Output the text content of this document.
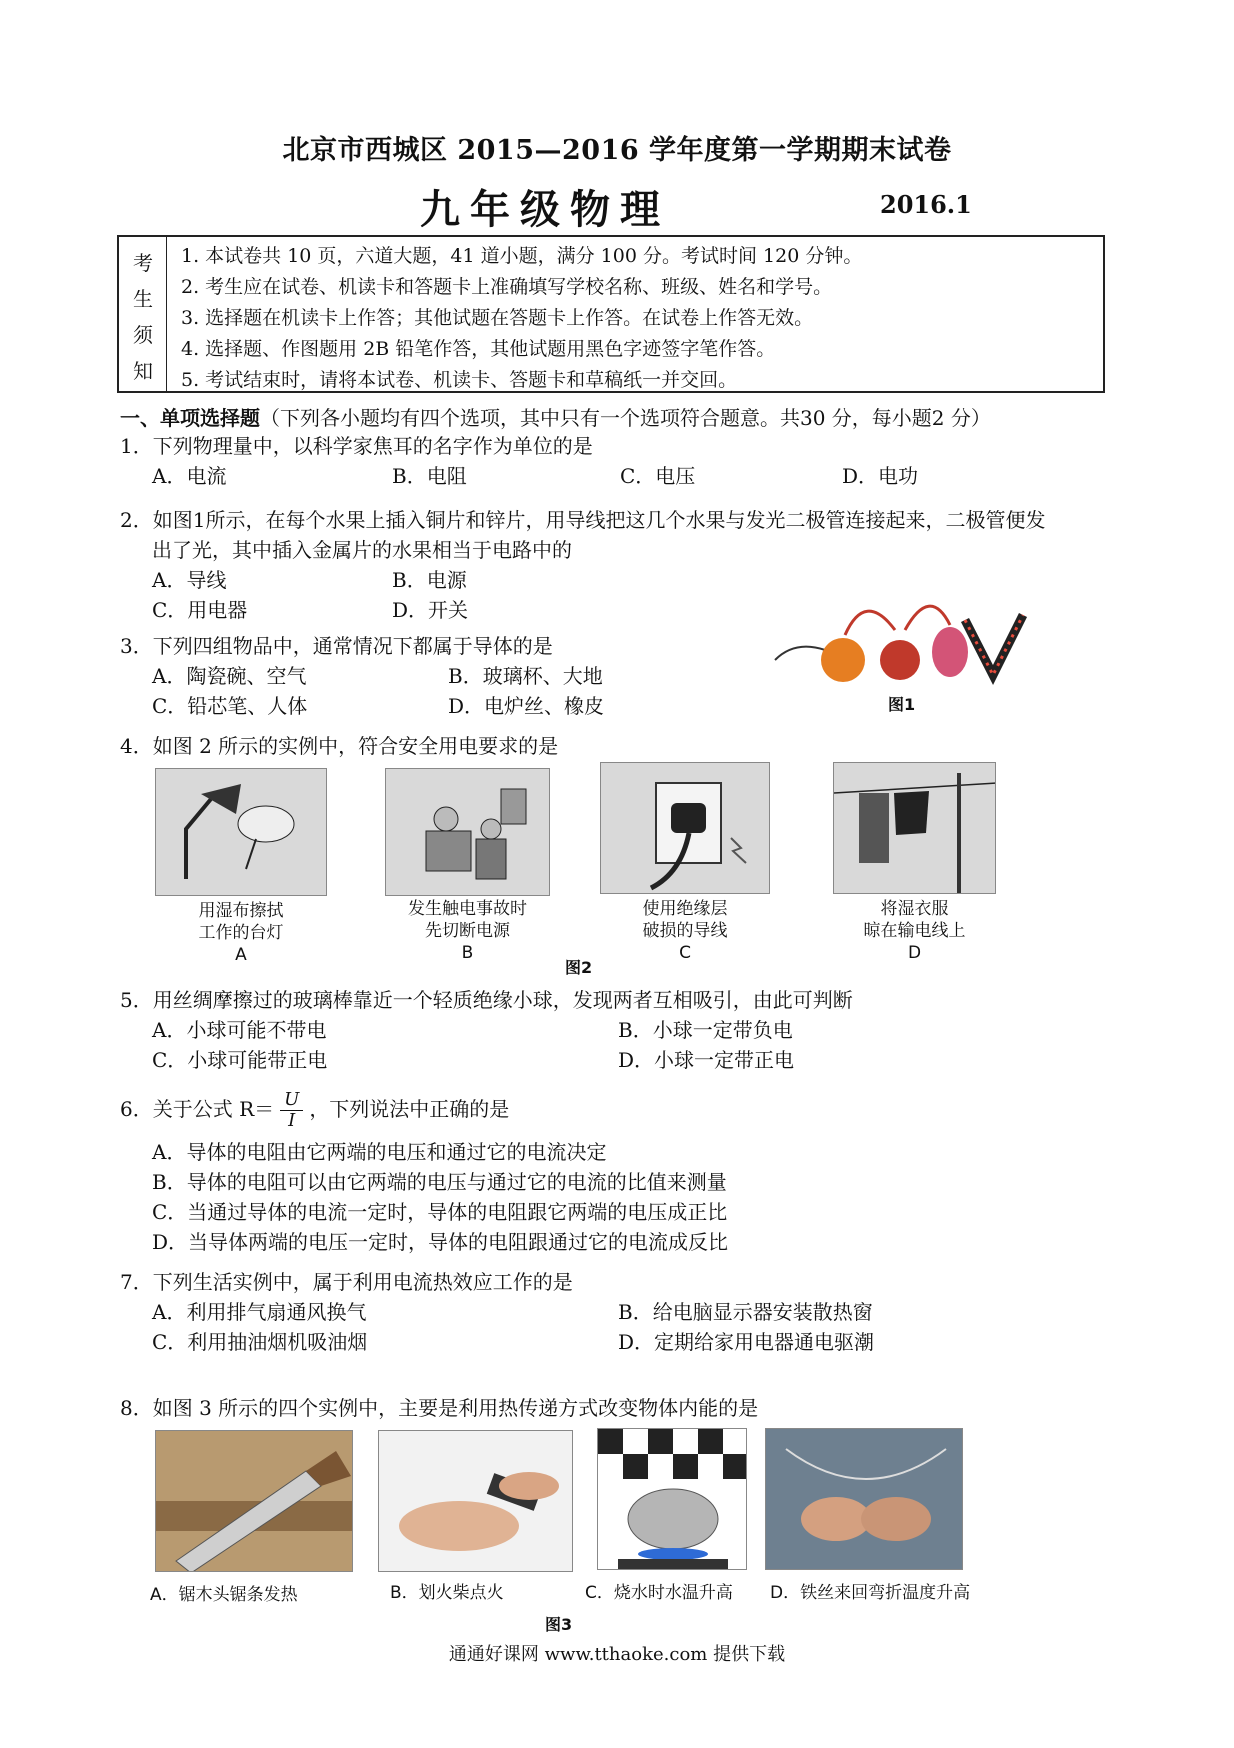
北京市西城区 2015—2016 学年度第一学期期末试卷
九年级物理	2016.1
考
生
须
知
1. 本试卷共 10 页，六道大题，41 道小题，满分 100 分。考试时间 120 分钟。
2. 考生应在试卷、机读卡和答题卡上准确填写学校名称、班级、姓名和学号。
3. 选择题在机读卡上作答；其他试题在答题卡上作答。在试卷上作答无效。
4. 选择题、作图题用 2B 铅笔作答，其他试题用黑色字迹签字笔作答。
5. 考试结束时，请将本试卷、机读卡、答题卡和草稿纸一并交回。
一、单项选择题（下列各小题均有四个选项，其中只有一个选项符合题意。共30 分，每小题2 分）
1．下列物理量中，以科学家焦耳的名字作为单位的是
A．电流	B．电阻	C．电压	D．电功
2．如图1所示，在每个水果上插入铜片和锌片，用导线把这几个水果与发光二极管连接起来，二极管便发
出了光，其中插入金属片的水果相当于电路中的
A．导线	B．电源
C．用电器	D．开关
图1
3．下列四组物品中，通常情况下都属于导体的是
A．陶瓷碗、空气	B．玻璃杯、大地
C．铅芯笔、人体	D．电炉丝、橡皮
4．如图 2 所示的实例中，符合安全用电要求的是
用湿布擦拭
工作的台灯
A
发生触电事故时
先切断电源
B
图2
使用绝缘层
破损的导线
C
将湿衣服
晾在输电线上
D
5．用丝绸摩擦过的玻璃棒靠近一个轻质绝缘小球，发现两者互相吸引，由此可判断
A．小球可能不带电	B．小球一定带负电
C．小球可能带正电	D．小球一定带正电
6．关于公式 $R= \frac{U}{I}$ ，下列说法中正确的是
A．导体的电阻由它两端的电压和通过它的电流决定
B．导体的电阻可以由它两端的电压与通过它的电流的比值来测量
C．当通过导体的电流一定时，导体的电阻跟它两端的电压成正比
D．当导体两端的电压一定时，导体的电阻跟通过它的电流成反比
7．下列生活实例中，属于利用电流热效应工作的是
A．利用排气扇通风换气	B．给电脑显示器安装散热窗
C．利用抽油烟机吸油烟	D．定期给家用电器通电驱潮
8．如图 3 所示的四个实例中，主要是利用热传递方式改变物体内能的是
A．锯木头锯条发热	B．划火柴点火	C．烧水时水温升高	D．铁丝来回弯折温度升高
图3
通通好课网 www.tthaoke.com 提供下载
